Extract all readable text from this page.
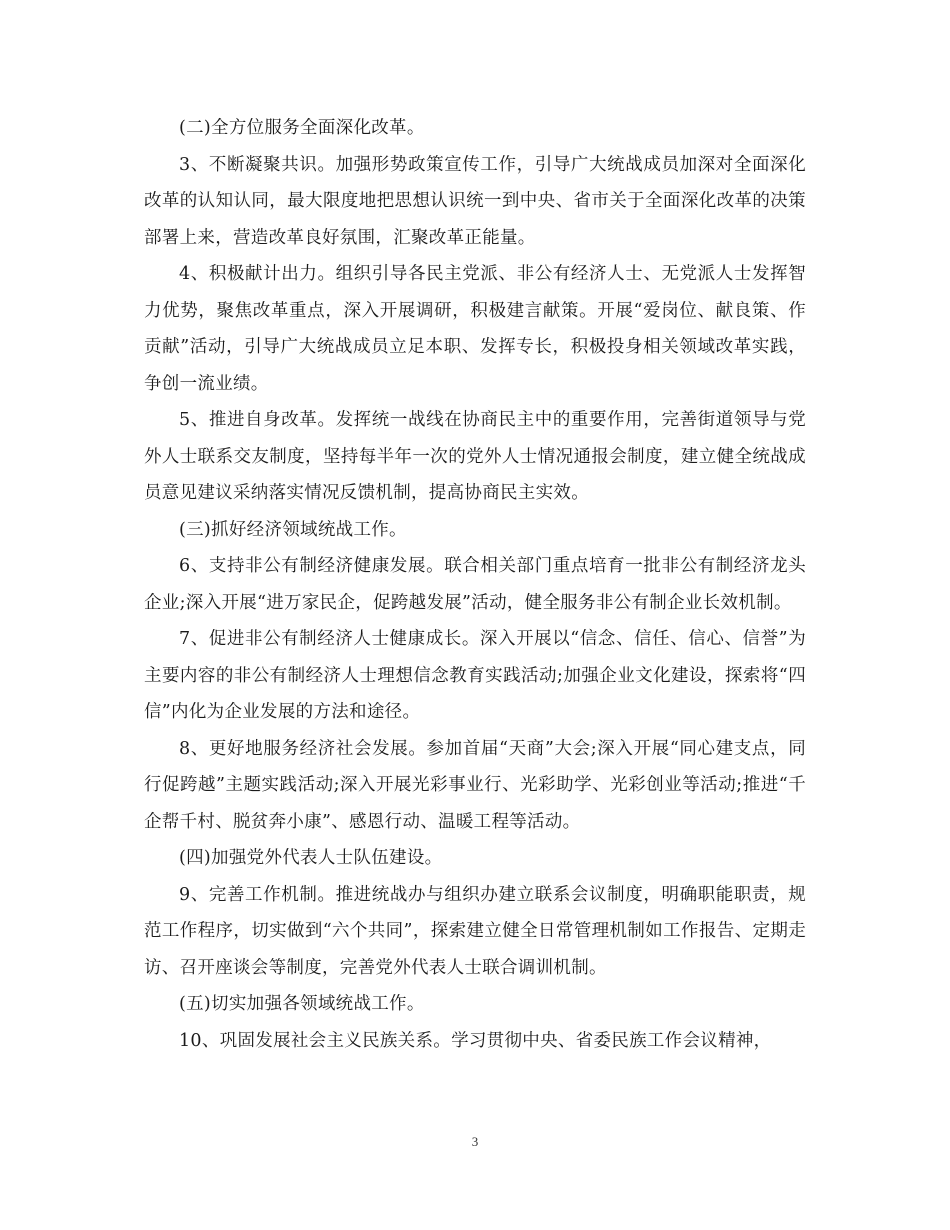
(二)全方位服务全面深化改革。

3、不断凝聚共识。加强形势政策宣传工作，引导广大统战成员加深对全面深化改革的认知认同，最大限度地把思想认识统一到中央、省市关于全面深化改革的决策部署上来，营造改革良好氛围，汇聚改革正能量。

4、积极献计出力。组织引导各民主党派、非公有经济人士、无党派人士发挥智力优势，聚焦改革重点，深入开展调研，积极建言献策。开展“爱岗位、献良策、作贡献”活动，引导广大统战成员立足本职、发挥专长，积极投身相关领域改革实践，争创一流业绩。

5、推进自身改革。发挥统一战线在协商民主中的重要作用，完善街道领导与党外人士联系交友制度，坚持每半年一次的党外人士情况通报会制度，建立健全统战成员意见建议采纳落实情况反馈机制，提高协商民主实效。

(三)抓好经济领域统战工作。

6、支持非公有制经济健康发展。联合相关部门重点培育一批非公有制经济龙头企业;深入开展“进万家民企，促跨越发展”活动，健全服务非公有制企业长效机制。

7、促进非公有制经济人士健康成长。深入开展以“信念、信任、信心、信誉”为主要内容的非公有制经济人士理想信念教育实践活动;加强企业文化建设，探索将“四信”内化为企业发展的方法和途径。

8、更好地服务经济社会发展。参加首届“天商”大会;深入开展“同心建支点，同行促跨越”主题实践活动;深入开展光彩事业行、光彩助学、光彩创业等活动;推进“千企帮千村、脱贫奔小康”、感恩行动、温暖工程等活动。

(四)加强党外代表人士队伍建设。

9、完善工作机制。推进统战办与组织办建立联系会议制度，明确职能职责，规范工作程序，切实做到“六个共同”，探索建立健全日常管理机制如工作报告、定期走访、召开座谈会等制度，完善党外代表人士联合调训机制。

(五)切实加强各领域统战工作。

10、巩固发展社会主义民族关系。学习贯彻中央、省委民族工作会议精神，

3
